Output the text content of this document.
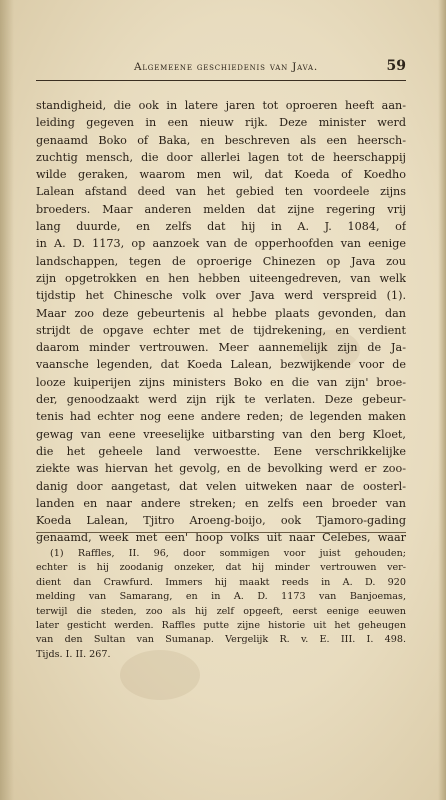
Algemeene geschiedenis van Java.	59
standigheid, die ook in latere jaren tot oproeren heeft aan-
leiding gegeven in een nieuw rijk. Deze minister werd
genaamd Boko of Baka, en beschreven als een heersch-
zuchtig mensch, die door allerlei lagen tot de heerschappij
wilde geraken, waarom men wil, dat Koeda of Koedho
Lalean afstand deed van het gebied ten voordeele zijns
broeders. Maar anderen melden dat zijne regering vrij
lang duurde, en zelfs dat hij in A. J. 1084, of
in A. D. 1173, op aanzoek van de opperhoofden van eenige
landschappen, tegen de oproerige Chinezen op Java zou
zijn opgetrokken en hen hebben uiteengedreven, van welk
tijdstip het Chinesche volk over Java werd verspreid (1).
Maar zoo deze gebeurtenis al hebbe plaats gevonden, dan
strijdt de opgave echter met de tijdrekening, en verdient
daarom minder vertrouwen. Meer aannemelijk zijn de Ja-
vaansche legenden, dat Koeda Lalean, bezwijkende voor de
looze kuiperijen zijns ministers Boko en die van zijn' broe-
der, genoodzaakt werd zijn rijk te verlaten. Deze gebeur-
tenis had echter nog eene andere reden; de legenden maken
gewag van eene vreeselijke uitbarsting van den berg Kloet,
die het geheele land verwoestte. Eene verschrikkelijke
ziekte was hiervan het gevolg, en de bevolking werd er zoo-
danig door aangetast, dat velen uitweken naar de oosterl-
landen en naar andere streken; en zelfs een broeder van
Koeda Lalean, Tjitro Aroeng-boijo, ook Tjamoro-gading
genaamd, week met een' hoop volks uit naar Celebes, waar
(1) Raffles, II. 96, door sommigen voor juist gehouden;
echter is hij zoodanig onzeker, dat hij minder vertrouwen ver-
dient dan Crawfurd. Immers hij maakt reeds in A. D. 920
melding van Samarang, en in A. D. 1173 van Banjoemas,
terwijl die steden, zoo als hij zelf opgeeft, eerst eenige eeuwen
later gesticht werden. Raffles putte zijne historie uit het geheugen
van den Sultan van Sumanap. Vergelijk R. v. E. III. I. 498.
Tijds. I. II. 267.
